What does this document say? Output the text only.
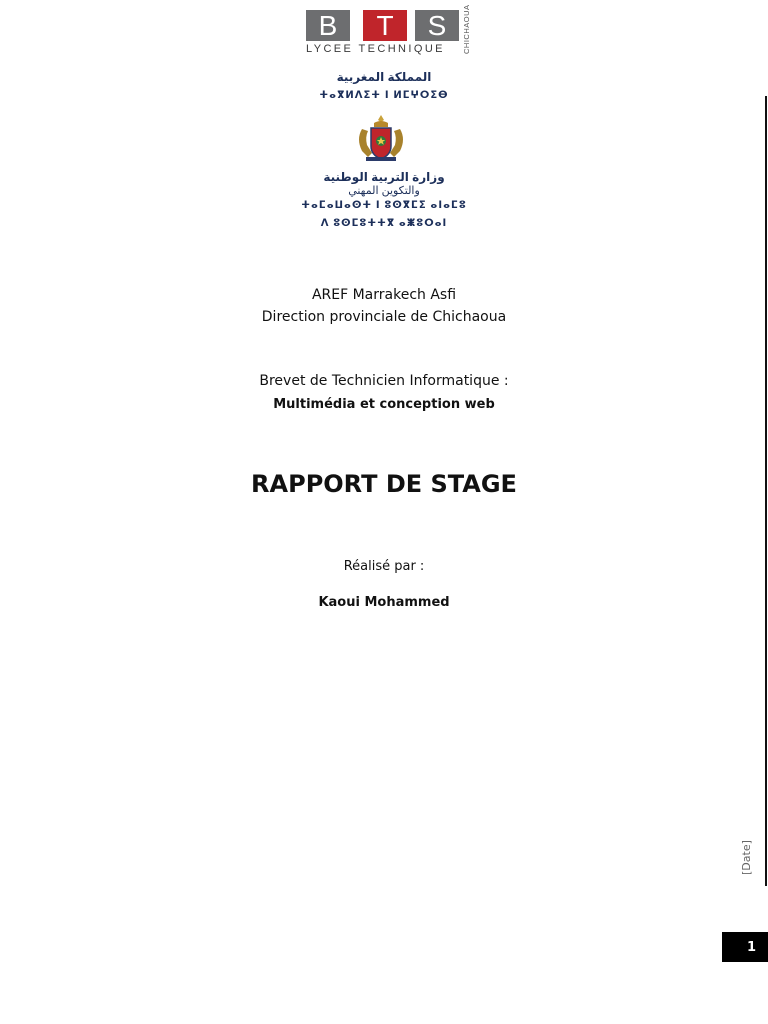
B	T	S
LYCEE TECHNIQUE CHICHAOUA
المملكة المغربية
ⵜⴰⴳⵍⴷⵉⵜ ⵏ ⵍⵎⵖⵔⵉⴱ
وزارة التربية الوطنية
والتكوين المهني
ⵜⴰⵎⴰⵡⴰⵙⵜ ⵏ ⵓⵙⴳⵎⵉ ⴰⵏⴰⵎⵓ
ⴷ ⵓⵙⵎⵓⵜⵜⴳ ⴰⵥⵓⵔⴰⵏ
AREF Marrakech Asfi
Direction provinciale de Chichaoua
Brevet de Technicien Informatique :
Multimédia et conception web
RAPPORT DE STAGE
Réalisé par :
Kaoui Mohammed
[Date]
1
